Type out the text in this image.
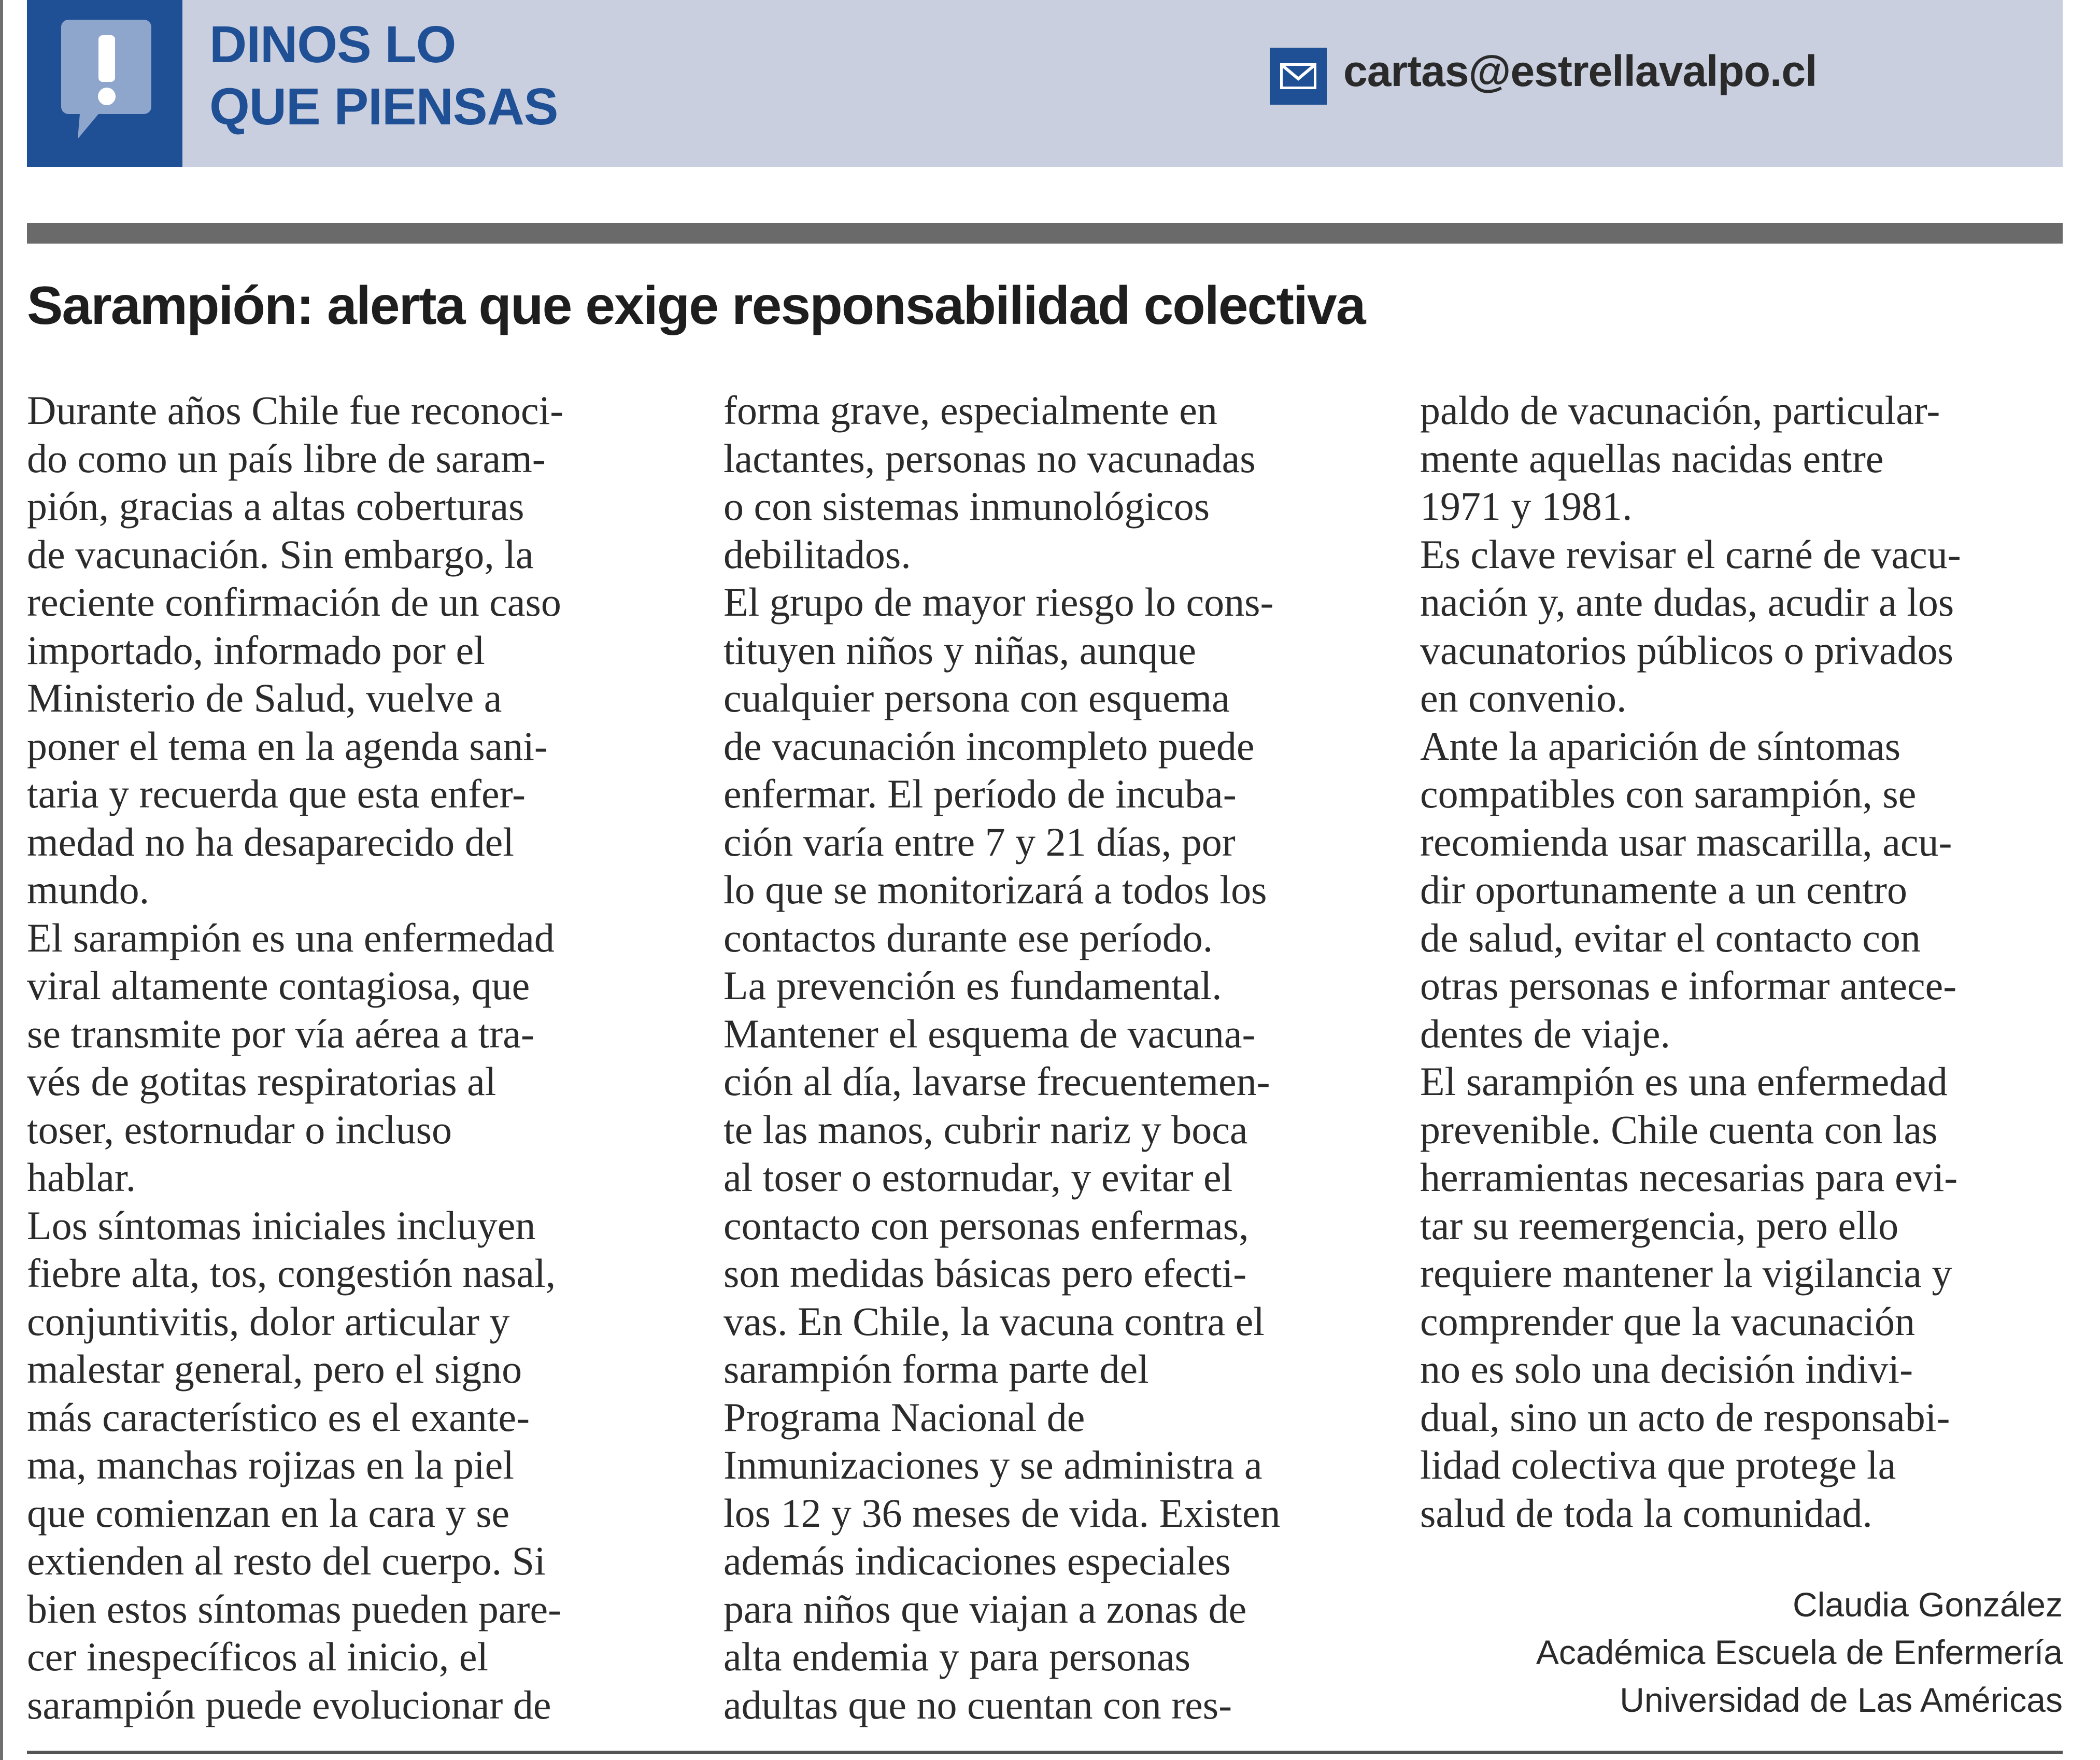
DINOS LO
QUE PIENSAS
cartas@estrellavalpo.cl
Sarampión: alerta que exige responsabilidad colectiva
Durante años Chile fue reconoci-
do como un país libre de saram-
pión, gracias a altas coberturas
de vacunación. Sin embargo, la
reciente confirmación de un caso
importado, informado por el
Ministerio de Salud, vuelve a
poner el tema en la agenda sani-
taria y recuerda que esta enfer-
medad no ha desaparecido del
mundo.
El sarampión es una enfermedad
viral altamente contagiosa, que
se transmite por vía aérea a tra-
vés de gotitas respiratorias al
toser, estornudar o incluso
hablar.
Los síntomas iniciales incluyen
fiebre alta, tos, congestión nasal,
conjuntivitis, dolor articular y
malestar general, pero el signo
más característico es el exante-
ma, manchas rojizas en la piel
que comienzan en la cara y se
extienden al resto del cuerpo. Si
bien estos síntomas pueden pare-
cer inespecíficos al inicio, el
sarampión puede evolucionar de
forma grave, especialmente en
lactantes, personas no vacunadas
o con sistemas inmunológicos
debilitados.
El grupo de mayor riesgo lo cons-
tituyen niños y niñas, aunque
cualquier persona con esquema
de vacunación incompleto puede
enfermar. El período de incuba-
ción varía entre 7 y 21 días, por
lo que se monitorizará a todos los
contactos durante ese período.
La prevención es fundamental.
Mantener el esquema de vacuna-
ción al día, lavarse frecuentemen-
te las manos, cubrir nariz y boca
al toser o estornudar, y evitar el
contacto con personas enfermas,
son medidas básicas pero efecti-
vas. En Chile, la vacuna contra el
sarampión forma parte del
Programa Nacional de
Inmunizaciones y se administra a
los 12 y 36 meses de vida. Existen
además indicaciones especiales
para niños que viajan a zonas de
alta endemia y para personas
adultas que no cuentan con res-
paldo de vacunación, particular-
mente aquellas nacidas entre
1971 y 1981.
Es clave revisar el carné de vacu-
nación y, ante dudas, acudir a los
vacunatorios públicos o privados
en convenio.
Ante la aparición de síntomas
compatibles con sarampión, se
recomienda usar mascarilla, acu-
dir oportunamente a un centro
de salud, evitar el contacto con
otras personas e informar antece-
dentes de viaje.
El sarampión es una enfermedad
prevenible. Chile cuenta con las
herramientas necesarias para evi-
tar su reemergencia, pero ello
requiere mantener la vigilancia y
comprender que la vacunación
no es solo una decisión indivi-
dual, sino un acto de responsabi-
lidad colectiva que protege la
salud de toda la comunidad.
Claudia González
Académica Escuela de Enfermería
Universidad de Las Américas
